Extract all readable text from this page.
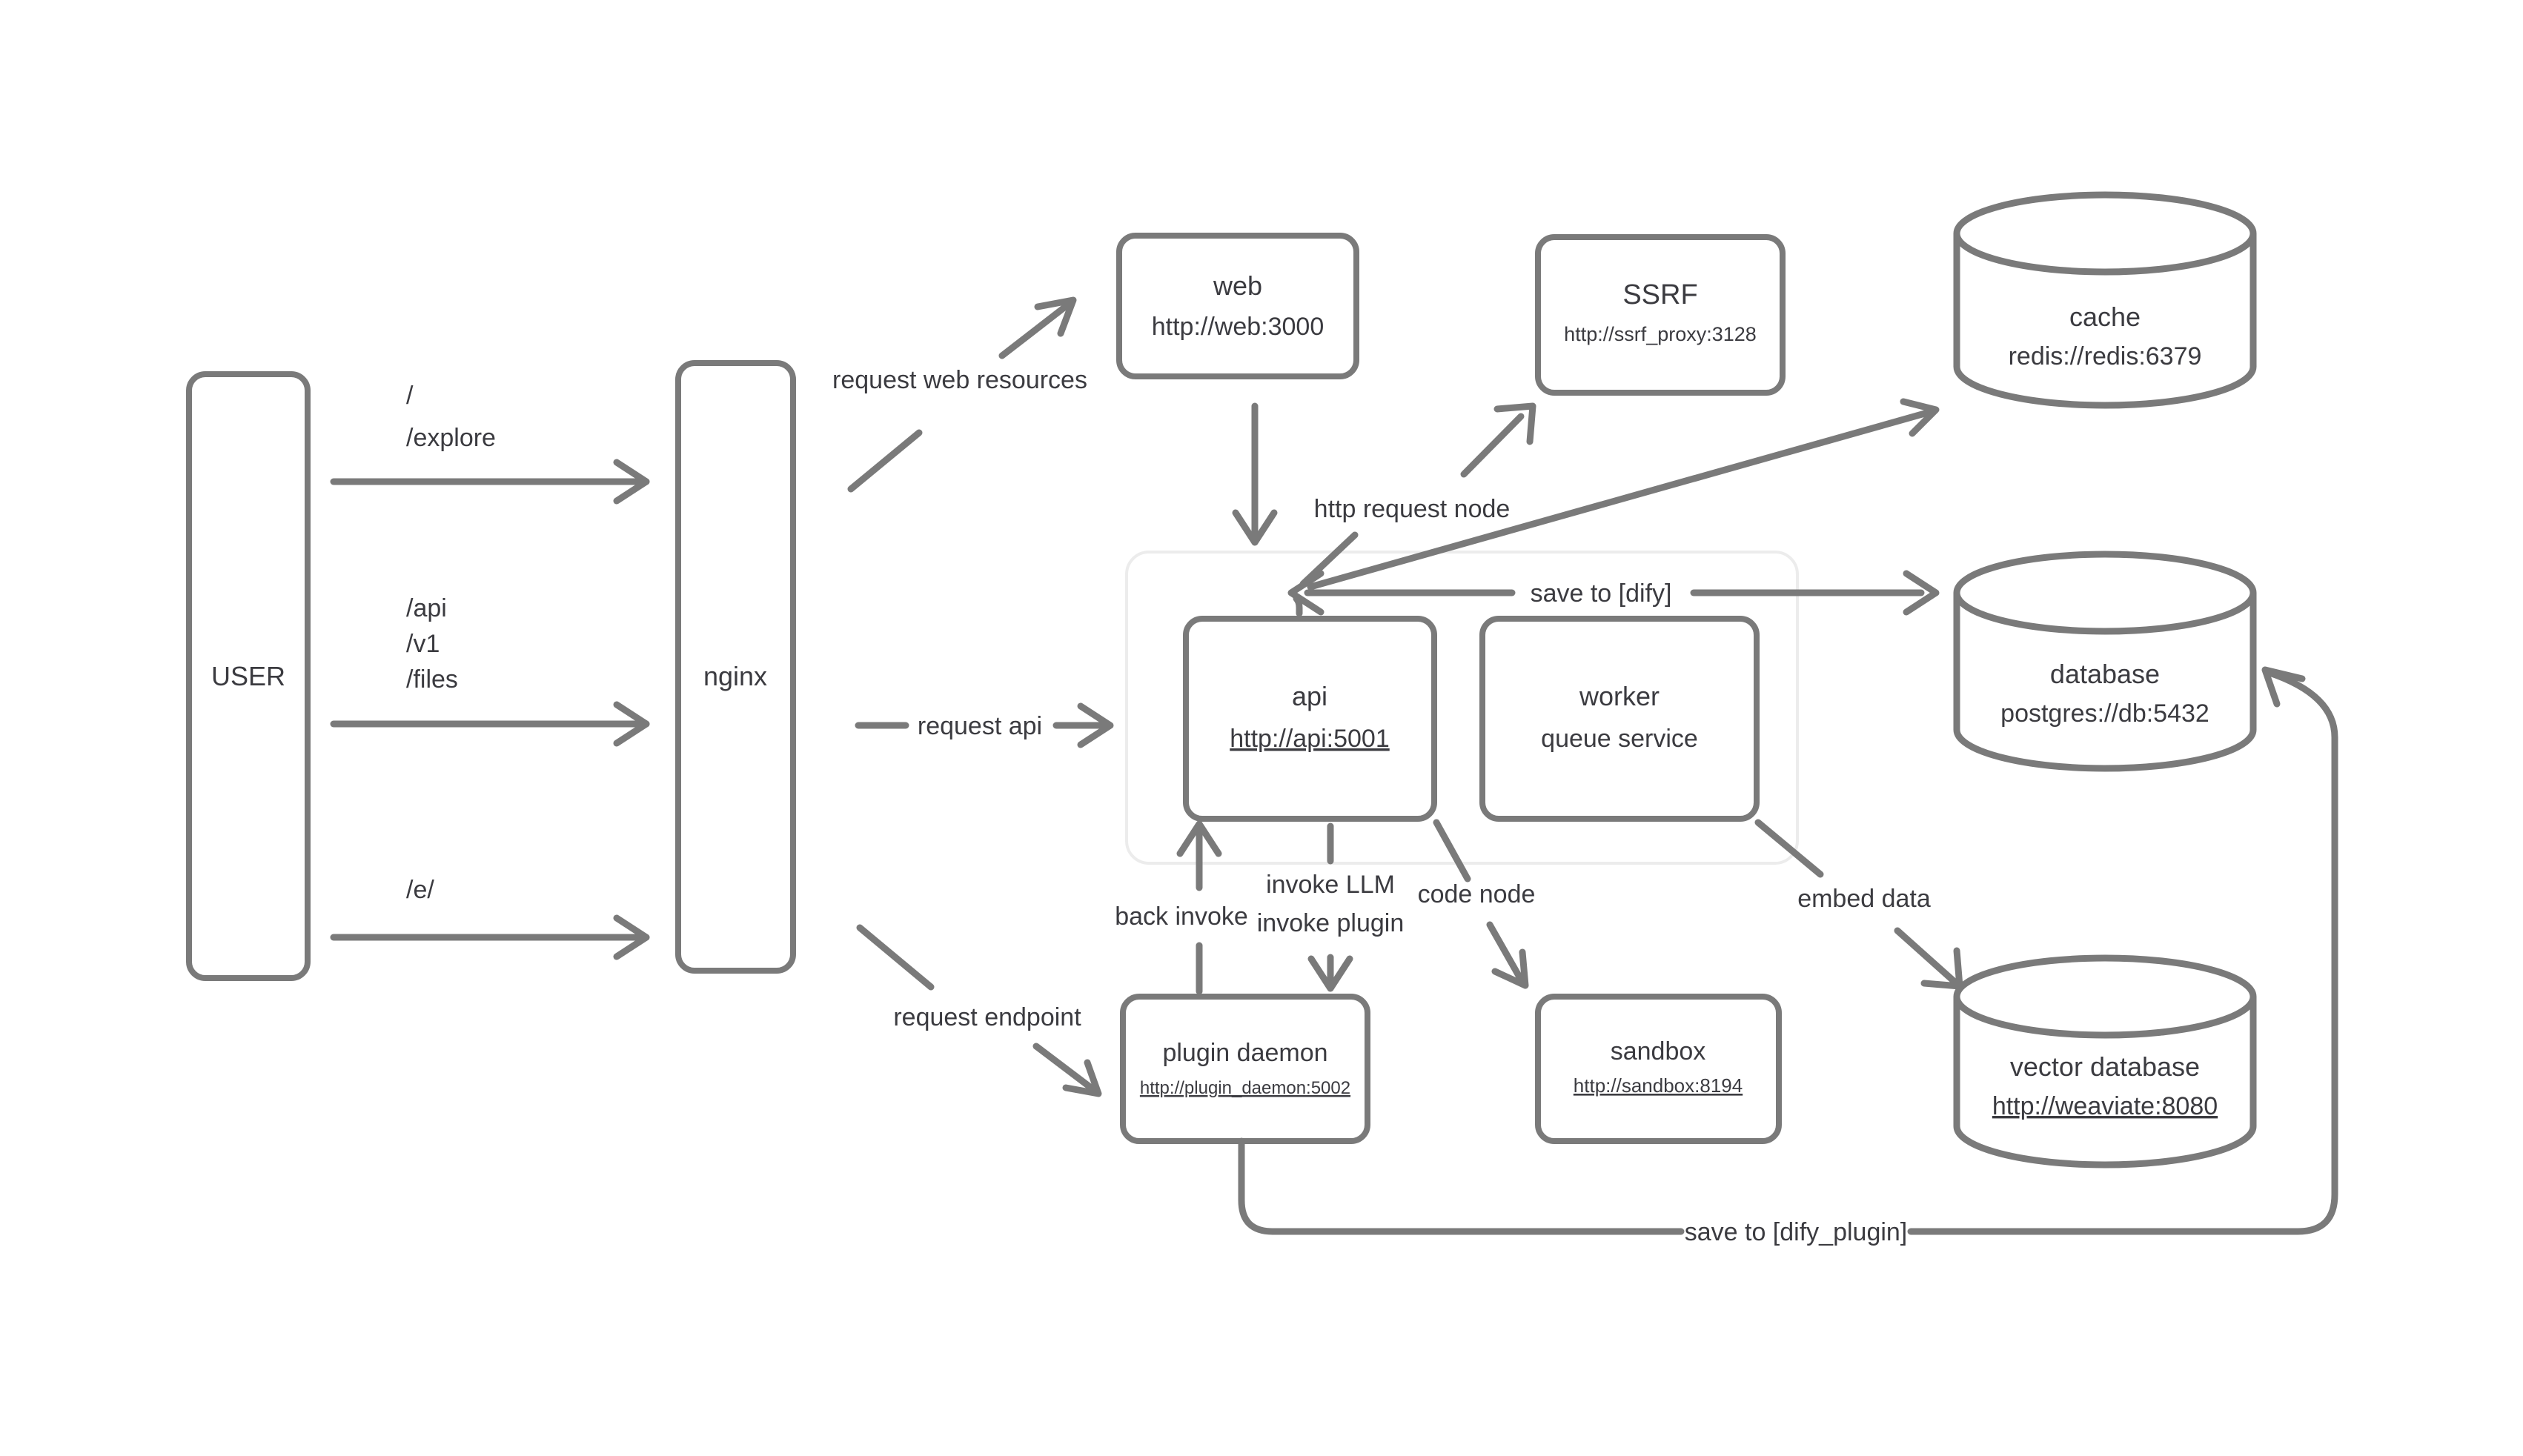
USER	nginx
web
http://web:3000
SSRF
http://ssrf_proxy:3128
cache
redis://redis:6379
api
http://api:5001
worker
queue service
database
postgres://db:5432
plugin daemon
http://plugin_daemon:5002
sandbox
http://sandbox:8194
vector database
http://weaviate:8080
/
/explore
/api
/v1
/files
/e/
request web resources
request api
request endpoint
http request node
save to [dify]
back invoke
invoke LLM
invoke plugin
code node	embed data
save to [dify_plugin]
